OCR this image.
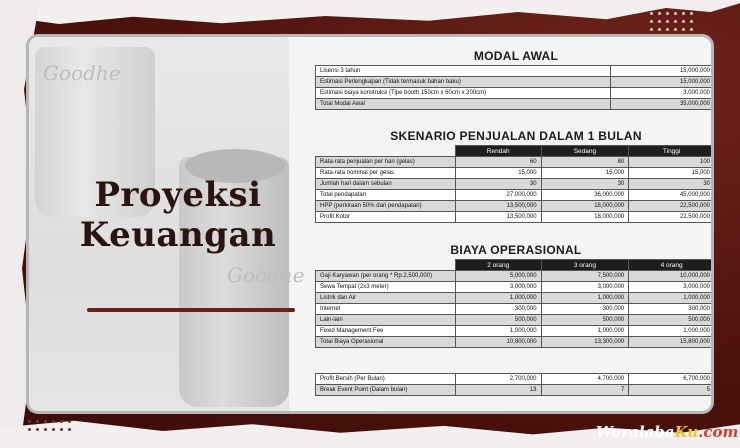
Goodhe
Goodhe
Proyeksi
Keuangan
MODAL AWAL
Lisensi 3 tahun	15,000,000
Estimasi Perlengkapan (Tidak termasuk bahan baku)	15,000,000
Estimasi biaya konstruksi (Tipe booth 150cm x 60cm x 200cm)	3,000,000
Total Modal Awal	35,000,000
SKENARIO PENJUALAN DALAM 1 BULAN
	Rendah	Sedang	Tinggi
Rata-rata penjualan per hari (gelas)	60	80	100
Rata-rata nominal per gelas	15,000	15,000	15,000
Jumlah hari dalam sebulan	30	30	30
Total pendapatan	27,000,000	36,000,000	45,000,000
HPP (perkiraan 50% dari pendapatan)	13,500,000	18,000,000	22,500,000
Profit Kotor	13,500,000	18,000,000	22,500,000
BIAYA OPERASIONAL
	2 orang	3 orang	4 orang
Gaji Karyawan (per orang * Rp.2,500,000)	5,000,000	7,500,000	10,000,000
Sewa Tempat (2x3 meter)	3,000,000	3,000,000	3,000,000
Listrik dan Air	1,000,000	1,000,000	1,000,000
Internet	300,000	300,000	300,000
Lain-lain	500,000	500,000	500,000
Fixed Management Fee	1,000,000	1,000,000	1,000,000
Total Biaya Operasional	10,800,000	13,300,000	15,800,000
Profit Bersih (Per Bulan)	2,700,000	4,700,000	6,700,000
Break Event Point (Dalam bulan)	13	7	5
WaralabaKu.com
